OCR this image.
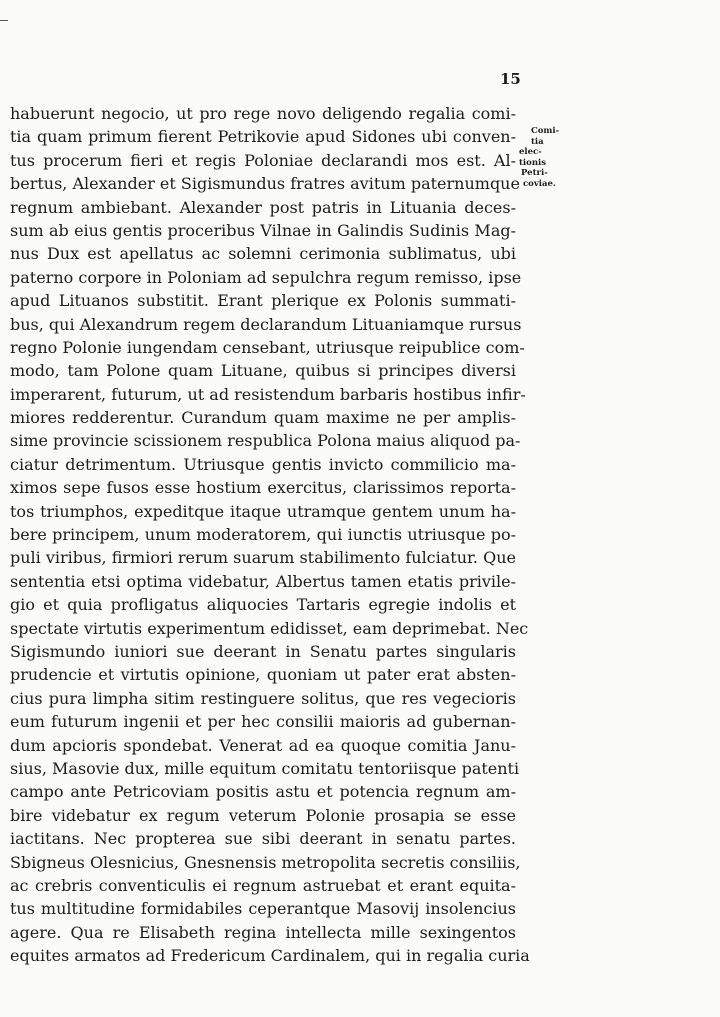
15
habuerunt negocio, ut pro rege novo deligendo regalia comi-
tia quam primum fierent Petrikovie apud Sidones ubi conven-
tus procerum fieri et regis Poloniae declarandi mos est. Al-
bertus, Alexander et Sigismundus fratres avitum paternumque
regnum ambiebant. Alexander post patris in Lituania deces-
sum ab eius gentis proceribus Vilnae in Galindis Sudinis Mag-
nus Dux est apellatus ac solemni cerimonia sublimatus, ubi
paterno corpore in Poloniam ad sepulchra regum remisso, ipse
apud Lituanos substitit. Erant plerique ex Polonis summati-
bus, qui Alexandrum regem declarandum Lituaniamque rursus
regno Polonie iungendam censebant, utriusque reipublice com-
modo, tam Polone quam Lituane, quibus si principes diversi
imperarent, futurum, ut ad resistendum barbaris hostibus infir-
miores redderentur. Curandum quam maxime ne per amplis-
sime provincie scissionem respublica Polona maius aliquod pa-
ciatur detrimentum. Utriusque gentis invicto commilicio ma-
ximos sepe fusos esse hostium exercitus, clarissimos reporta-
tos triumphos, expeditque itaque utramque gentem unum ha-
bere principem, unum moderatorem, qui iunctis utriusque po-
puli viribus, firmiori rerum suarum stabilimento fulciatur. Que
sententia etsi optima videbatur, Albertus tamen etatis privile-
gio et quia profligatus aliquocies Tartaris egregie indolis et
spectate virtutis experimentum edidisset, eam deprimebat. Nec
Sigismundo iuniori sue deerant in Senatu partes singularis
prudencie et virtutis opinione, quoniam ut pater erat absten-
cius pura limpha sitim restinguere solitus, que res vegecioris
eum futurum ingenii et per hec consilii maioris ad gubernan-
dum apcioris spondebat. Venerat ad ea quoque comitia Janu-
sius, Masovie dux, mille equitum comitatu tentoriisque patenti
campo ante Petricoviam positis astu et potencia regnum am-
bire videbatur ex regum veterum Polonie prosapia se esse
iactitans. Nec propterea sue sibi deerant in senatu partes.
Sbigneus Olesnicius, Gnesnensis metropolita secretis consiliis,
ac crebris conventiculis ei regnum astruebat et erant equita-
tus multitudine formidabiles ceperantque Masovij insolencius
agere. Qua re Elisabeth regina intellecta mille sexingentos
equites armatos ad Fredericum Cardinalem, qui in regalia curia
Comi-
tia
elec-
tionis
Petri-
coviae.
